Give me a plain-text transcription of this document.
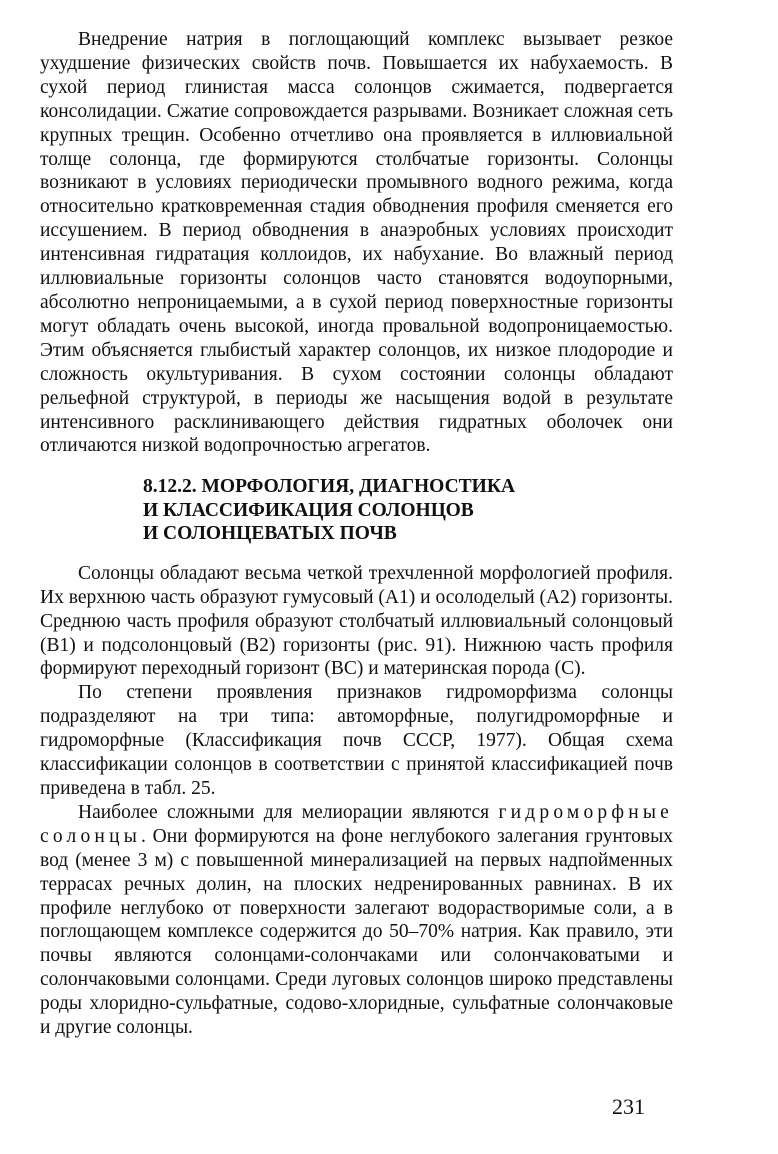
Внедрение натрия в поглощающий комплекс вызывает резкое ухудшение физических свойств почв. Повышается их набухаемость. В сухой период глинистая масса солонцов сжимается, подвергается консолидации. Сжатие сопровождается разрывами. Возникает сложная сеть крупных трещин. Особенно отчетливо она проявляется в иллювиальной толще солонца, где формируются столбчатые горизонты. Солонцы возникают в условиях периодически промывного водного режима, когда относительно кратковременная стадия обводнения профиля сменяется его иссушением. В период обводнения в анаэробных условиях происходит интенсивная гидратация коллоидов, их набухание. Во влажный период иллювиальные горизонты солонцов часто становятся водоупорными, абсолютно непроницаемыми, а в сухой период поверхностные горизонты могут обладать очень высокой, иногда провальной водопроницаемостью. Этим объясняется глыбистый характер солонцов, их низкое плодородие и сложность окультуривания. В сухом состоянии солонцы обладают рельефной структурой, в периоды же насыщения водой в результате интенсивного расклинивающего действия гидратных оболочек они отличаются низкой водопрочностью агрегатов.

8.12.2. МОРФОЛОГИЯ, ДИАГНОСТИКА
И КЛАССИФИКАЦИЯ СОЛОНЦОВ
И СОЛОНЦЕВАТЫХ ПОЧВ

Солонцы обладают весьма четкой трехчленной морфологией профиля. Их верхнюю часть образуют гумусовый (А1) и осолоделый (А2) горизонты. Среднюю часть профиля образуют столбчатый иллювиальный солонцовый (В1) и подсолонцовый (В2) горизонты (рис. 91). Нижнюю часть профиля формируют переходный горизонт (ВС) и материнская порода (С).

По степени проявления признаков гидроморфизма солонцы подразделяют на три типа: автоморфные, полугидроморфные и гидроморфные (Классификация почв СССР, 1977). Общая схема классификации солонцов в соответствии с принятой классификацией почв приведена в табл. 25.

Наиболее сложными для мелиорации являются гидроморфные солонцы. Они формируются на фоне неглубокого залегания грунтовых вод (менее 3 м) с повышенной минерализацией на первых надпойменных террасах речных долин, на плоских недренированных равнинах. В их профиле неглубоко от поверхности залегают водорастворимые соли, а в поглощающем комплексе содержится до 50–70% натрия. Как правило, эти почвы являются солонцами-солончаками или солончаковатыми и солончаковыми солонцами. Среди луговых солонцов широко представлены роды хлоридно-сульфатные, содово-хлоридные, сульфатные солончаковые и другие солонцы.

231
